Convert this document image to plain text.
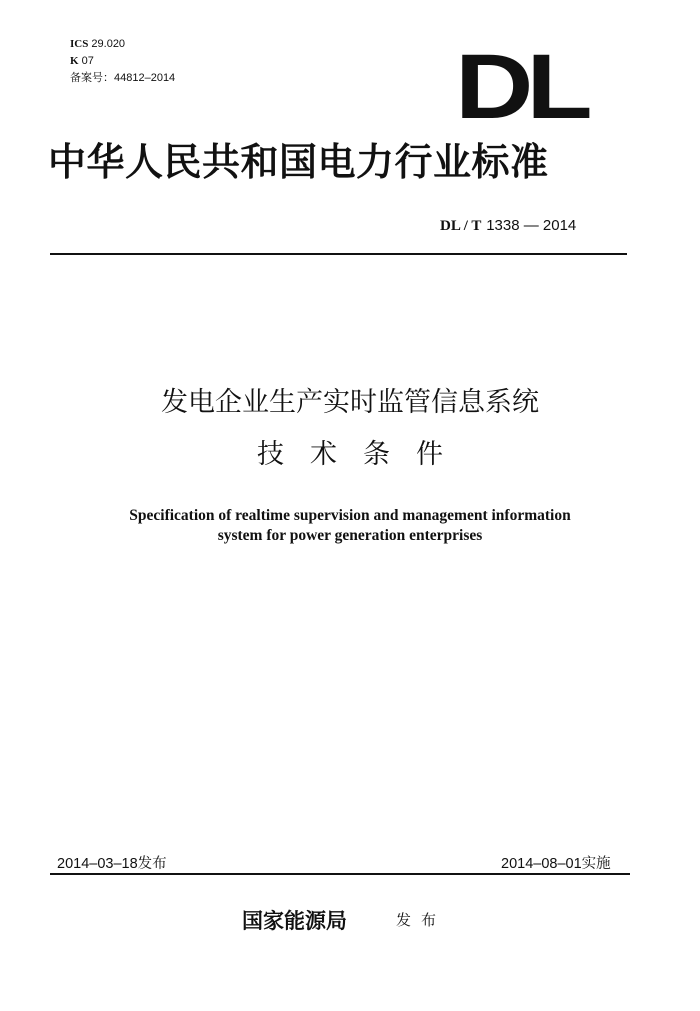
ICS 29.020
K 07
备案号：44812–2014	DL
中华人民共和国电力行业标准
DL / T 1338 — 2014
发电企业生产实时监管信息系统
技术条件
Specification of realtime supervision and management information
system for power generation enterprises
2014–03–18发布	2014–08–01实施
国家能源局	发布
